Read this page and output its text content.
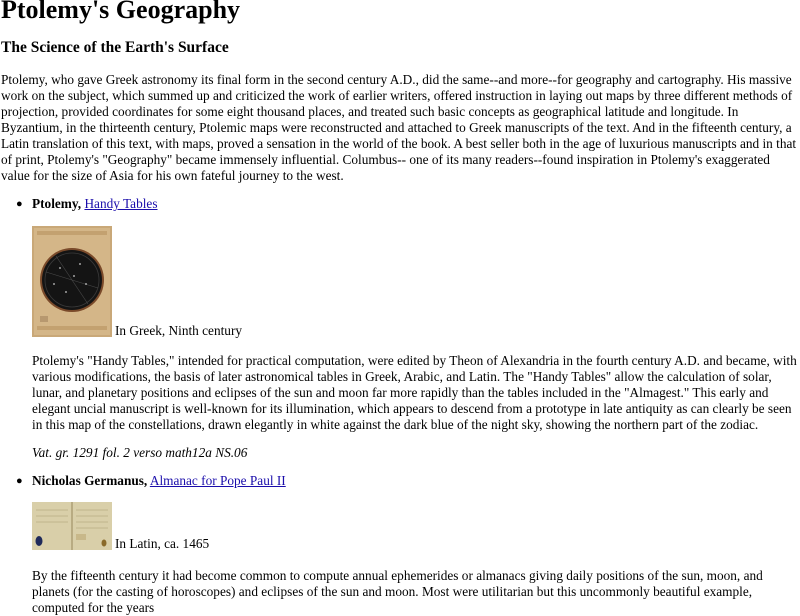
Ptolemy's Geography
The Science of the Earth's Surface

Ptolemy, who gave Greek astronomy its final form in the second century A.D., did the same--and more--for geography and cartography. His massive work on the subject, which summed up and criticized the work of earlier writers, offered instruction in laying out maps by three different methods of projection, provided coordinates for some eight thousand places, and treated such basic concepts as geographical latitude and longitude. In Byzantium, in the thirteenth century, Ptolemic maps were reconstructed and attached to Greek manuscripts of the text. And in the fifteenth century, a Latin translation of this text, with maps, proved a sensation in the world of the book. A best seller both in the age of luxurious manuscripts and in that of print, Ptolemy's "Geography" became immensely influential. Columbus-- one of its many readers--found inspiration in Ptolemy's exaggerated value for the size of Asia for his own fateful journey to the west.

● Ptolemy, Handy Tables
In Greek, Ninth century

Ptolemy's "Handy Tables," intended for practical computation, were edited by Theon of Alexandria in the fourth century A.D. and became, with various modifications, the basis of later astronomical tables in Greek, Arabic, and Latin. The "Handy Tables" allow the calculation of solar, lunar, and planetary positions and eclipses of the sun and moon far more rapidly than the tables included in the "Almagest." This early and elegant uncial manuscript is well-known for its illumination, which appears to descend from a prototype in late antiquity as can clearly be seen in this map of the constellations, drawn elegantly in white against the dark blue of the night sky, showing the northern part of the zodiac.

Vat. gr. 1291 fol. 2 verso math12a NS.06
● Nicholas Germanus, Almanac for Pope Paul II
In Latin, ca. 1465

By the fifteenth century it had become common to compute annual ephemerides or almanacs giving daily positions of the sun, moon, and planets (for the casting of horoscopes) and eclipses of the sun and moon. Most were utilitarian but this uncommonly beautiful example, computed for the years
